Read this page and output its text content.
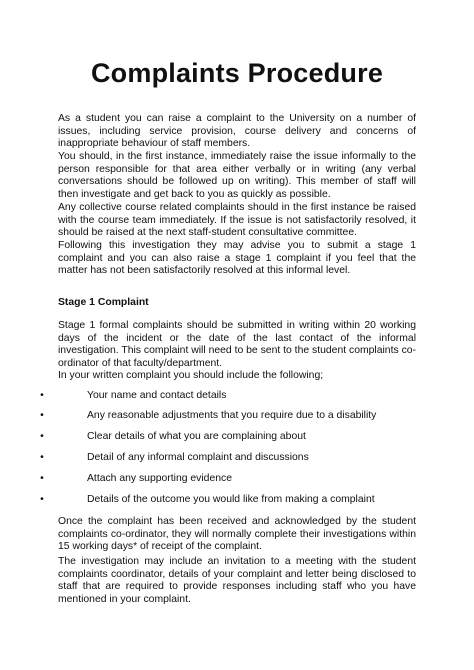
Complaints Procedure

As a student you can raise a complaint to the University on a number of issues, including service provision, course delivery and concerns of inappropriate behaviour of staff members.

You should, in the first instance, immediately raise the issue informally to the person responsible for that area either verbally or in writing (any verbal conversations should be followed up on writing). This member of staff will then investigate and get back to you as quickly as possible.

Any collective course related complaints should in the first instance be raised with the course team immediately. If the issue is not satisfactorily resolved, it should be raised at the next staff-student consultative committee.

Following this investigation they may advise you to submit a stage 1 complaint and you can also raise a stage 1 complaint if you feel that the matter has not been satisfactorily resolved at this informal level.

Stage 1 Complaint

Stage 1 formal complaints should be submitted in writing within 20 working days of the incident or the date of the last contact of the informal investigation. This complaint will need to be sent to the student complaints co-ordinator of that faculty/department.

In your written complaint you should include the following;

•	Your name and contact details
•	Any reasonable adjustments that you require due to a disability
•	Clear details of what you are complaining about
•	Detail of any informal complaint and discussions
•	Attach any supporting evidence
•	Details of the outcome you would like from making a complaint

Once the complaint has been received and acknowledged by the student complaints co-ordinator, they will normally complete their investigations within 15 working days* of receipt of the complaint.

The investigation may include an invitation to a meeting with the student complaints coordinator, details of your complaint and letter being disclosed to staff that are required to provide responses including staff who you have mentioned in your complaint.
